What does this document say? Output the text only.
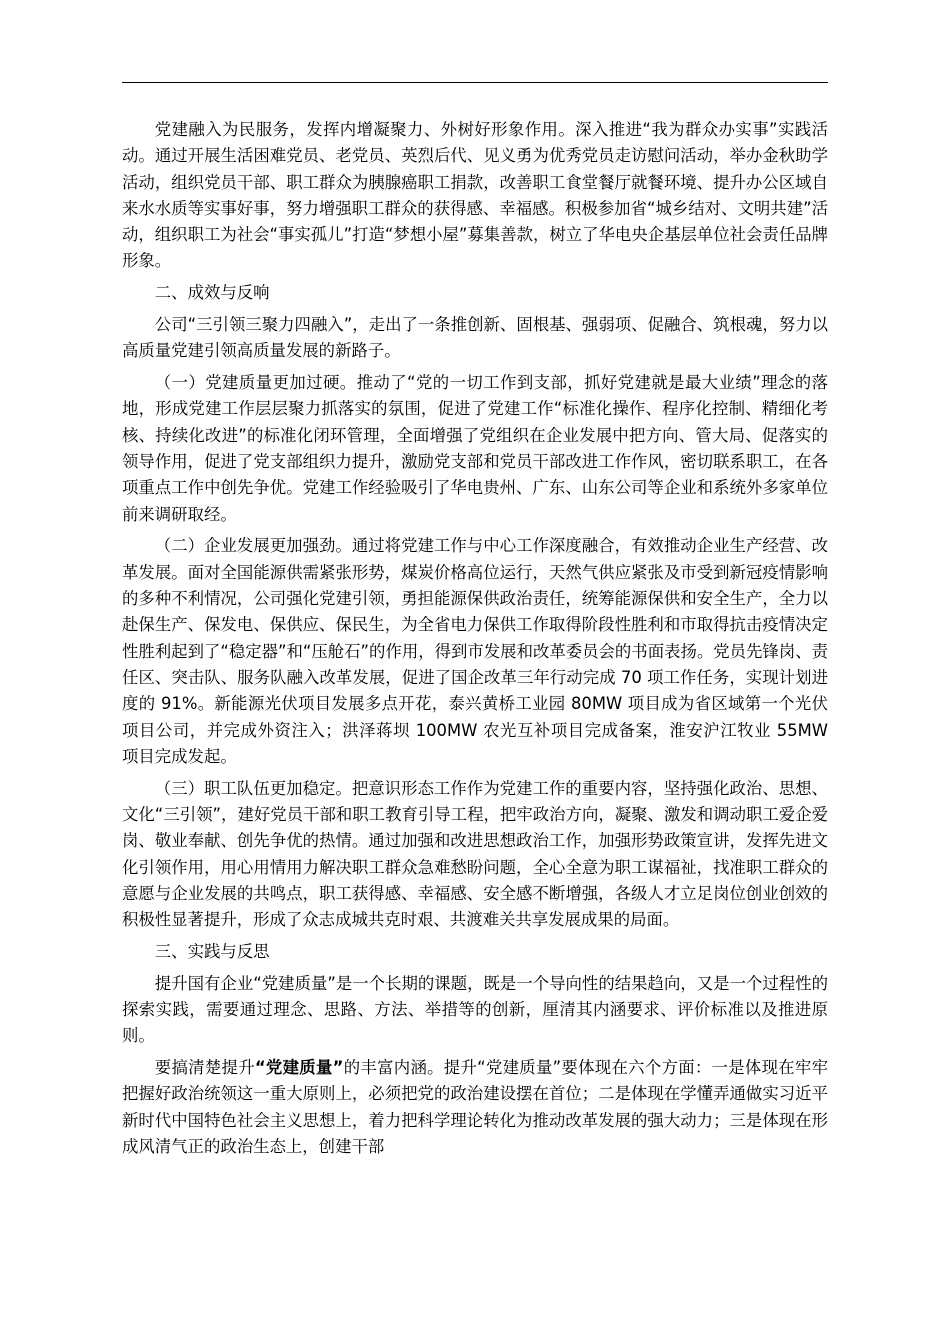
党建融入为民服务，发挥内增凝聚力、外树好形象作用。深入推进“我为群众办实事”实践活动。通过开展生活困难党员、老党员、英烈后代、见义勇为优秀党员走访慰问活动，举办金秋助学活动，组织党员干部、职工群众为胰腺癌职工捐款，改善职工食堂餐厅就餐环境、提升办公区域自来水水质等实事好事，努力增强职工群众的获得感、幸福感。积极参加省“城乡结对、文明共建”活动，组织职工为社会“事实孤儿”打造“梦想小屋”募集善款，树立了华电央企基层单位社会责任品牌形象。

二、成效与反响

公司“三引领三聚力四融入”，走出了一条推创新、固根基、强弱项、促融合、筑根魂，努力以高质量党建引领高质量发展的新路子。

（一）党建质量更加过硬。推动了“党的一切工作到支部，抓好党建就是最大业绩”理念的落地，形成党建工作层层聚力抓落实的氛围，促进了党建工作“标准化操作、程序化控制、精细化考核、持续化改进”的标准化闭环管理，全面增强了党组织在企业发展中把方向、管大局、促落实的领导作用，促进了党支部组织力提升，激励党支部和党员干部改进工作作风，密切联系职工，在各项重点工作中创先争优。党建工作经验吸引了华电贵州、广东、山东公司等企业和系统外多家单位前来调研取经。

（二）企业发展更加强劲。通过将党建工作与中心工作深度融合，有效推动企业生产经营、改革发展。面对全国能源供需紧张形势，煤炭价格高位运行，天然气供应紧张及市受到新冠疫情影响的多种不利情况，公司强化党建引领，勇担能源保供政治责任，统筹能源保供和安全生产，全力以赴保生产、保发电、保供应、保民生，为全省电力保供工作取得阶段性胜利和市取得抗击疫情决定性胜利起到了“稳定器”和“压舱石”的作用，得到市发展和改革委员会的书面表扬。党员先锋岗、责任区、突击队、服务队融入改革发展，促进了国企改革三年行动完成 70 项工作任务，实现计划进度的 91%。新能源光伏项目发展多点开花，泰兴黄桥工业园 80MW 项目成为省区域第一个光伏项目公司，并完成外资注入；洪泽蒋坝 100MW 农光互补项目完成备案，淮安沪江牧业 55MW 项目完成发起。

（三）职工队伍更加稳定。把意识形态工作作为党建工作的重要内容，坚持强化政治、思想、文化“三引领”，建好党员干部和职工教育引导工程，把牢政治方向，凝聚、激发和调动职工爱企爱岗、敬业奉献、创先争优的热情。通过加强和改进思想政治工作，加强形势政策宣讲，发挥先进文化引领作用，用心用情用力解决职工群众急难愁盼问题，全心全意为职工谋福祉，找准职工群众的意愿与企业发展的共鸣点，职工获得感、幸福感、安全感不断增强，各级人才立足岗位创业创效的积极性显著提升，形成了众志成城共克时艰、共渡难关共享发展成果的局面。

三、实践与反思

提升国有企业“党建质量”是一个长期的课题，既是一个导向性的结果趋向，又是一个过程性的探索实践，需要通过理念、思路、方法、举措等的创新，厘清其内涵要求、评价标准以及推进原则。

要搞清楚提升“党建质量”的丰富内涵。提升“党建质量”要体现在六个方面：一是体现在牢牢把握好政治统领这一重大原则上，必须把党的政治建设摆在首位；二是体现在学懂弄通做实习近平新时代中国特色社会主义思想上，着力把科学理论转化为推动改革发展的强大动力；三是体现在形成风清气正的政治生态上，创建干部
